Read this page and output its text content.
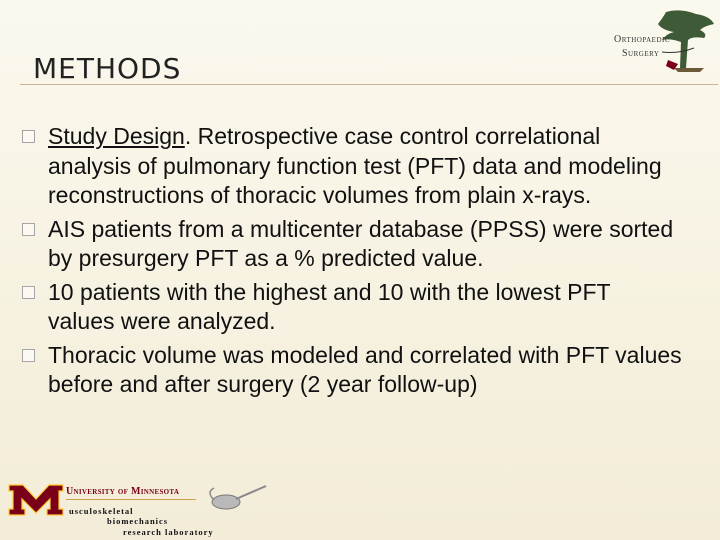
Orthopaedic
Surgery
METHODS
Study Design. Retrospective case control correlational analysis of pulmonary function test (PFT) data and modeling reconstructions of thoracic volumes from plain x-rays.
AIS patients from a multicenter database (PPSS) were sorted by presurgery PFT as a % predicted value.
10 patients with the highest and 10 with the lowest PFT values were analyzed.
Thoracic volume was modeled and correlated with PFT values before and after surgery (2 year follow-up)
University of Minnesota
usculoskeletal
biomechanics
research laboratory
